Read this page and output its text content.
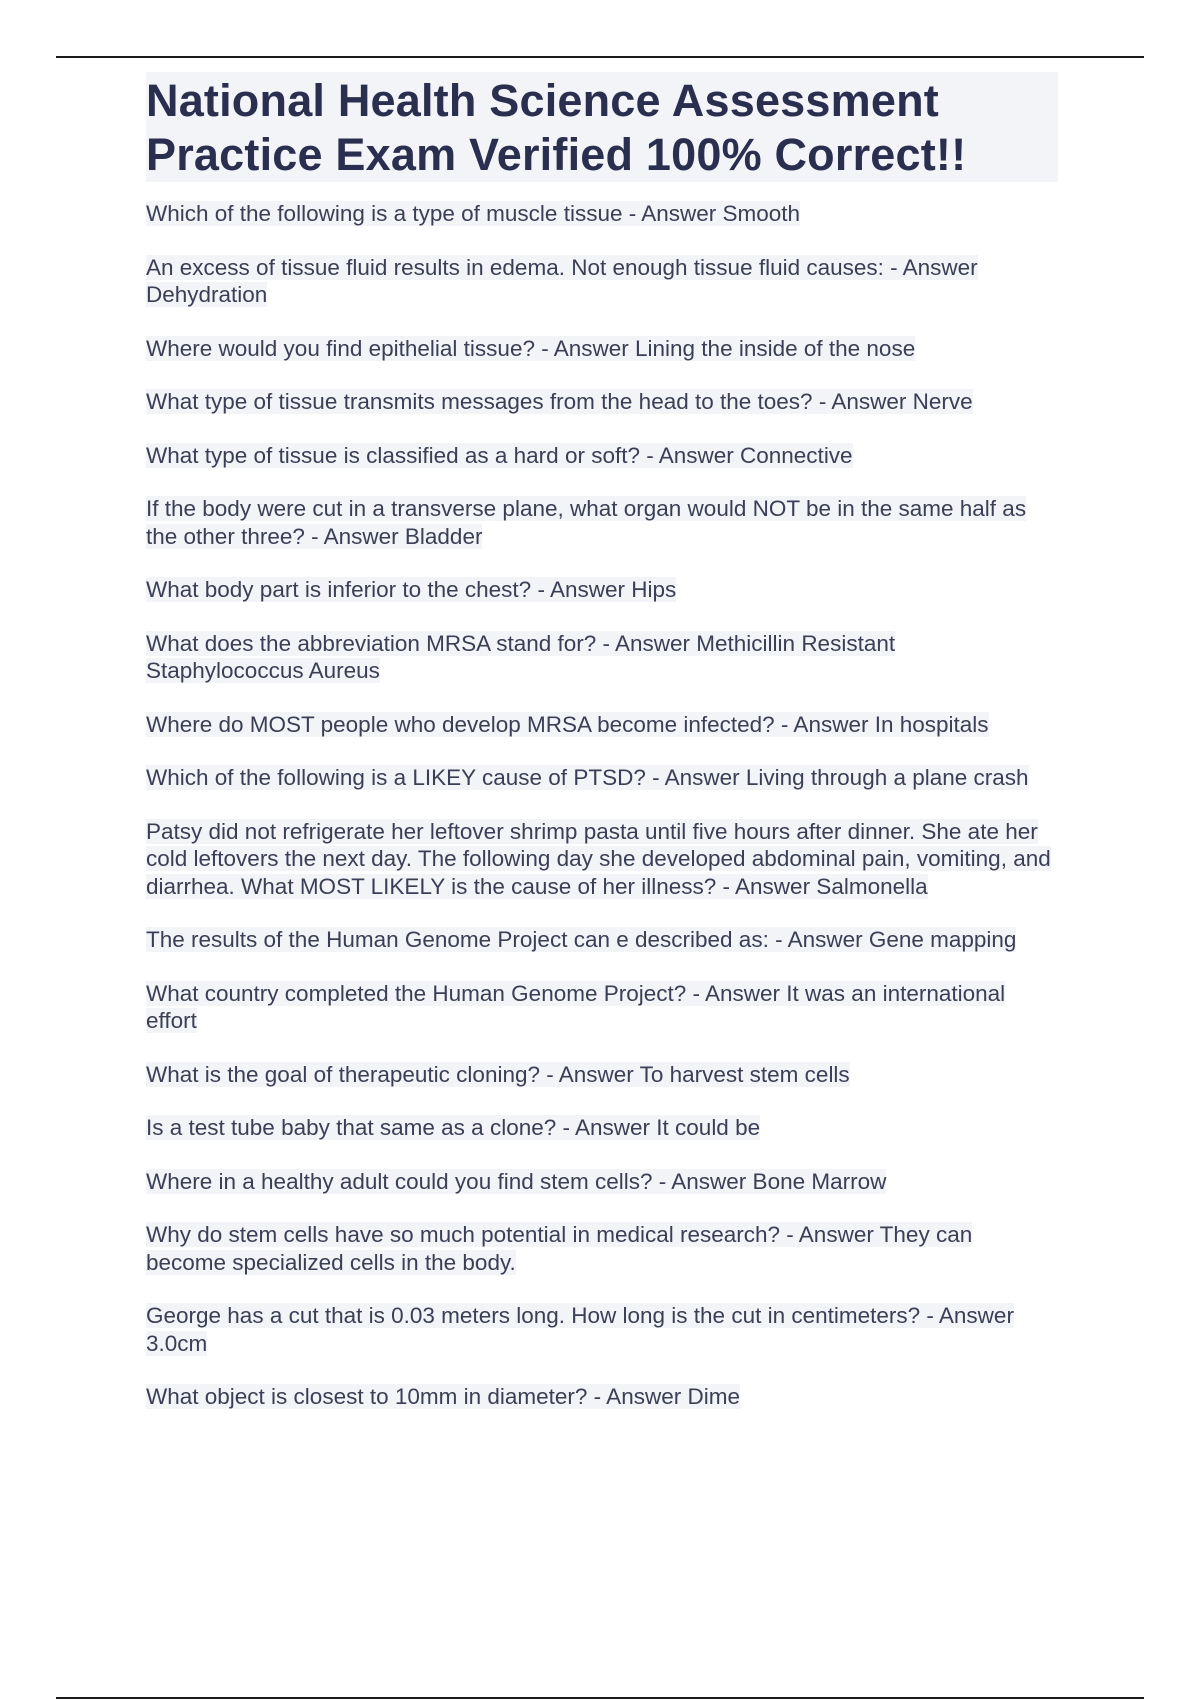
National Health Science Assessment
Practice Exam Verified 100% Correct!!
Which of the following is a type of muscle tissue - Answer Smooth
An excess of tissue fluid results in edema. Not enough tissue fluid causes: - Answer Dehydration
Where would you find epithelial tissue? - Answer Lining the inside of the nose
What type of tissue transmits messages from the head to the toes? - Answer Nerve
What type of tissue is classified as a hard or soft? - Answer Connective
If the body were cut in a transverse plane, what organ would NOT be in the same half as the other three? - Answer Bladder
What body part is inferior to the chest? - Answer Hips
What does the abbreviation MRSA stand for? - Answer Methicillin Resistant Staphylococcus Aureus
Where do MOST people who develop MRSA become infected? - Answer In hospitals
Which of the following is a LIKEY cause of PTSD? - Answer Living through a plane crash
Patsy did not refrigerate her leftover shrimp pasta until five hours after dinner. She ate her cold leftovers the next day. The following day she developed abdominal pain, vomiting, and diarrhea. What MOST LIKELY is the cause of her illness? - Answer Salmonella
The results of the Human Genome Project can e described as: - Answer Gene mapping
What country completed the Human Genome Project? - Answer It was an international effort
What is the goal of therapeutic cloning? - Answer To harvest stem cells
Is a test tube baby that same as a clone? - Answer It could be
Where in a healthy adult could you find stem cells? - Answer Bone Marrow
Why do stem cells have so much potential in medical research? - Answer They can become specialized cells in the body.
George has a cut that is 0.03 meters long. How long is the cut in centimeters? - Answer 3.0cm
What object is closest to 10mm in diameter? - Answer Dime
